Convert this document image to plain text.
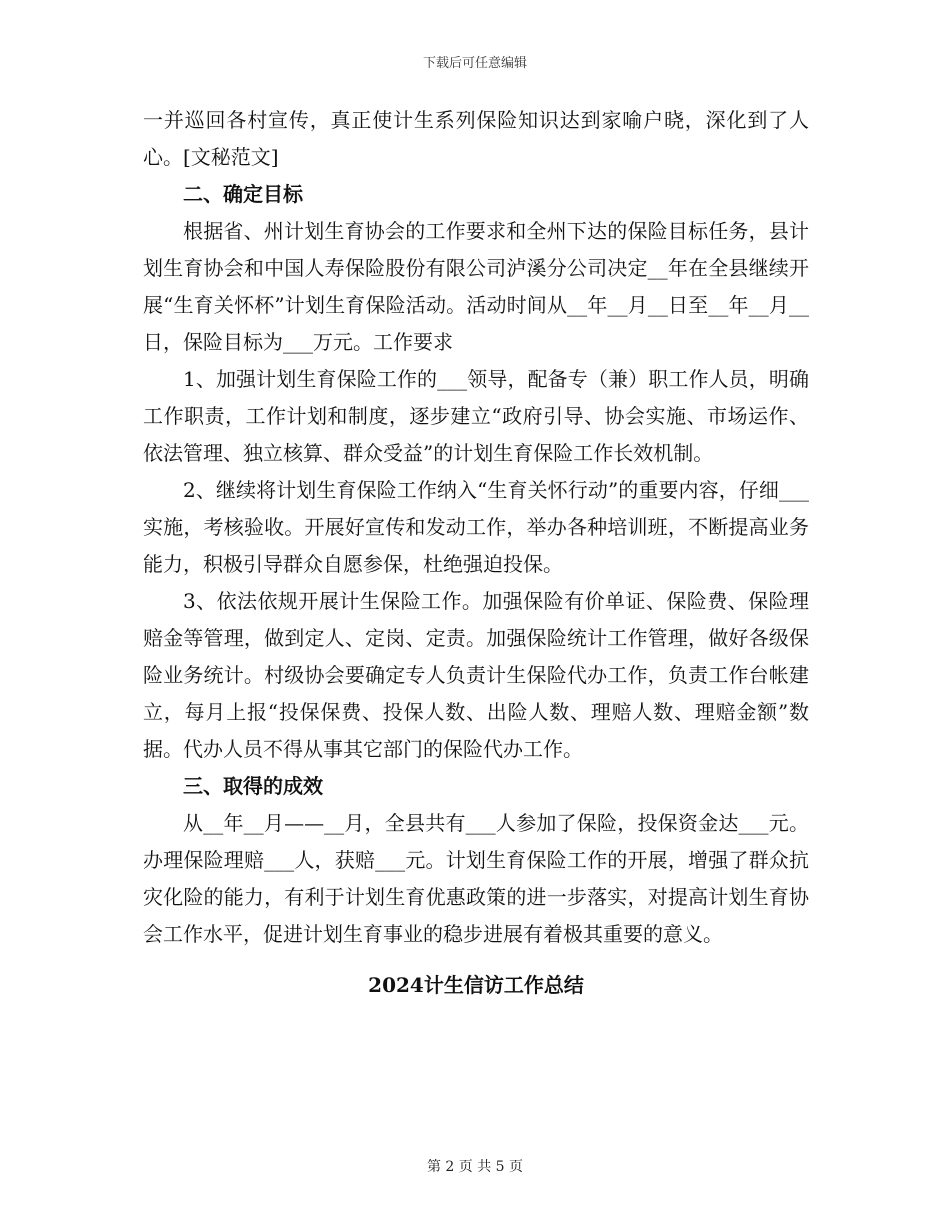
下载后可任意编辑

一并巡回各村宣传，真正使计生系列保险知识达到家喻户晓，深化到了人心。[文秘范文]

二、确定目标

根据省、州计划生育协会的工作要求和全州下达的保险目标任务，县计划生育协会和中国人寿保险股份有限公司泸溪分公司决定__年在全县继续开展“生育关怀杯”计划生育保险活动。活动时间从__年__月__日至__年__月__日，保险目标为___万元。工作要求

1、加强计划生育保险工作的___领导，配备专（兼）职工作人员，明确工作职责，工作计划和制度，逐步建立“政府引导、协会实施、市场运作、依法管理、独立核算、群众受益”的计划生育保险工作长效机制。

2、继续将计划生育保险工作纳入“生育关怀行动”的重要内容，仔细___实施，考核验收。开展好宣传和发动工作，举办各种培训班，不断提高业务能力，积极引导群众自愿参保，杜绝强迫投保。

3、依法依规开展计生保险工作。加强保险有价单证、保险费、保险理赔金等管理，做到定人、定岗、定责。加强保险统计工作管理，做好各级保险业务统计。村级协会要确定专人负责计生保险代办工作，负责工作台帐建立，每月上报“投保保费、投保人数、出险人数、理赔人数、理赔金额”数据。代办人员不得从事其它部门的保险代办工作。

三、取得的成效

从__年__月——__月，全县共有___人参加了保险，投保资金达___元。办理保险理赔___人，获赔___元。计划生育保险工作的开展，增强了群众抗灾化险的能力，有利于计划生育优惠政策的进一步落实，对提高计划生育协会工作水平，促进计划生育事业的稳步进展有着极其重要的意义。

2024计生信访工作总结
第 2 页 共 5 页
